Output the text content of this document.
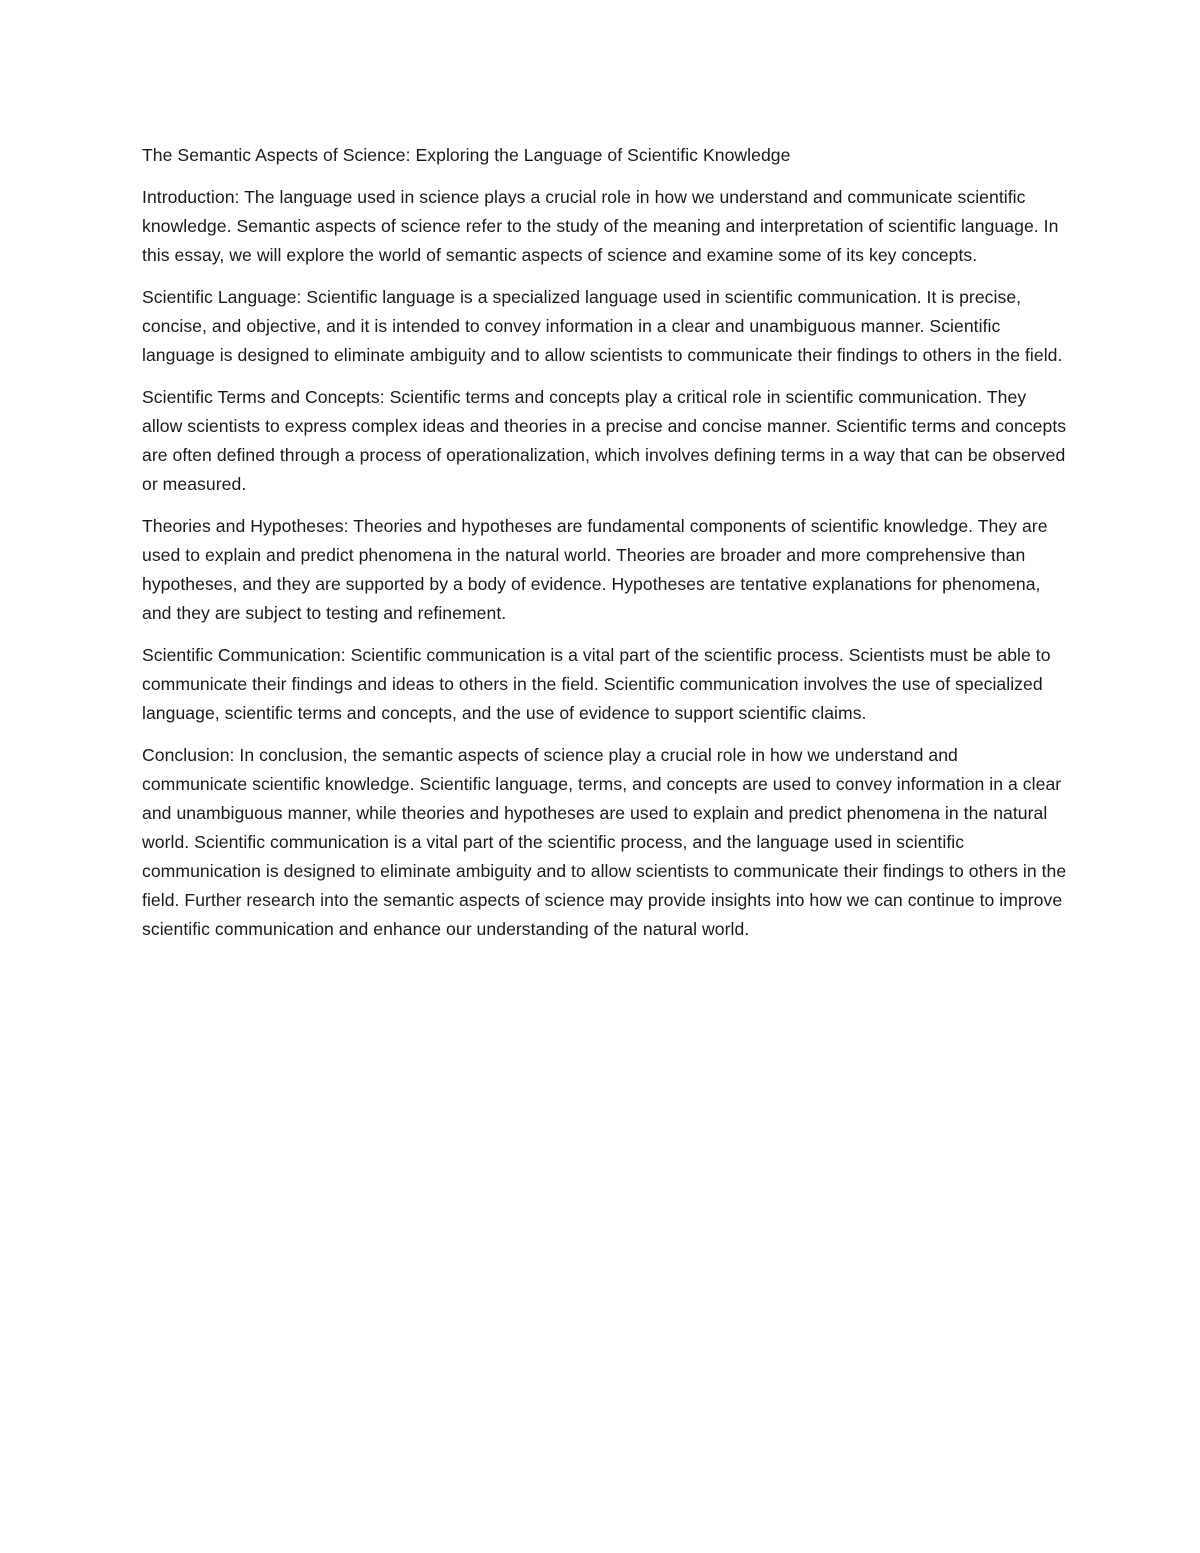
The Semantic Aspects of Science: Exploring the Language of Scientific Knowledge

Introduction: The language used in science plays a crucial role in how we understand and communicate scientific knowledge. Semantic aspects of science refer to the study of the meaning and interpretation of scientific language. In this essay, we will explore the world of semantic aspects of science and examine some of its key concepts.

Scientific Language: Scientific language is a specialized language used in scientific communication. It is precise, concise, and objective, and it is intended to convey information in a clear and unambiguous manner. Scientific language is designed to eliminate ambiguity and to allow scientists to communicate their findings to others in the field.

Scientific Terms and Concepts: Scientific terms and concepts play a critical role in scientific communication. They allow scientists to express complex ideas and theories in a precise and concise manner. Scientific terms and concepts are often defined through a process of operationalization, which involves defining terms in a way that can be observed or measured.

Theories and Hypotheses: Theories and hypotheses are fundamental components of scientific knowledge. They are used to explain and predict phenomena in the natural world. Theories are broader and more comprehensive than hypotheses, and they are supported by a body of evidence. Hypotheses are tentative explanations for phenomena, and they are subject to testing and refinement.

Scientific Communication: Scientific communication is a vital part of the scientific process. Scientists must be able to communicate their findings and ideas to others in the field. Scientific communication involves the use of specialized language, scientific terms and concepts, and the use of evidence to support scientific claims.

Conclusion: In conclusion, the semantic aspects of science play a crucial role in how we understand and communicate scientific knowledge. Scientific language, terms, and concepts are used to convey information in a clear and unambiguous manner, while theories and hypotheses are used to explain and predict phenomena in the natural world. Scientific communication is a vital part of the scientific process, and the language used in scientific communication is designed to eliminate ambiguity and to allow scientists to communicate their findings to others in the field. Further research into the semantic aspects of science may provide insights into how we can continue to improve scientific communication and enhance our understanding of the natural world.
